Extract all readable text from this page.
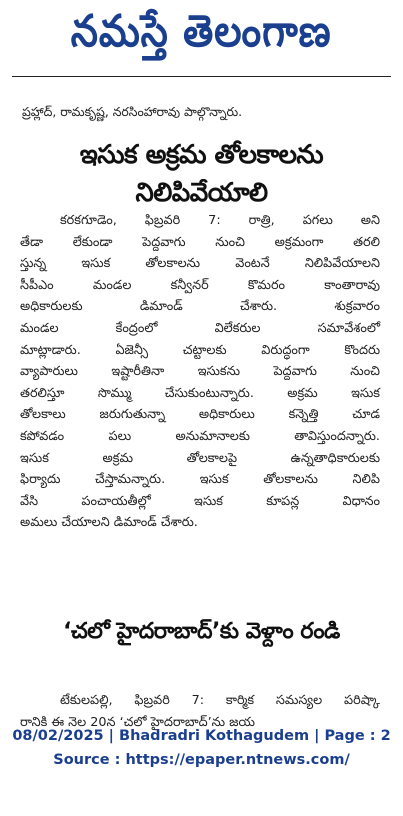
నమస్తే తెలంగాణ
ప్రహ్లాద్, రామకృష్ణ, నరసింహారావు పాల్గొన్నారు.
ఇసుక అక్రమ తోలకాలను
నిలిపివేయాలి

కరకగూడెం, ఫిబ్రవరి 7: రాత్రి, పగలు అని

తేడా లేకుండా పెద్దవాగు నుంచి అక్రమంగా తరలి

స్తున్న ఇసుక తోలకాలను వెంటనే నిలిపివేయాలని

సీపీఎం మండల కన్వీనర్ కొమరం కాంతారావు

అధికారులకు డిమాండ్ చేశారు. శుక్రవారం

మండల కేంద్రంలో విలేకరుల సమావేశంలో

మాట్లాడారు. ఏజెన్సీ చట్టాలకు విరుద్ధంగా కొందరు

వ్యాపారులు ఇష్టారీతినా ఇసుకను పెద్దవాగు నుంచి

తరలిస్తూ సొమ్ము చేసుకుంటున్నారు. అక్రమ ఇసుక

తోలకాలు జరుగుతున్నా అధికారులు కన్నెత్తి చూడ

కపోవడం పలు అనుమానాలకు తావిస్తుందన్నారు.

ఇసుక అక్రమ తోలకాలపై ఉన్నతాధికారులకు

ఫిర్యాదు చేస్తామన్నారు. ఇసుక తోలకాలను నిలిపి

వేసి పంచాయతీల్లో ఇసుక కూపన్ల విధానం

అమలు చేయాలని డిమాండ్ చేశారు.

‘చలో హైదరాబాద్’కు వెళ్దాం రండి

టేకులపల్లి, ఫిబ్రవరి 7: కార్మిక సమస్యల పరిష్కా

రానికి ఈ నెల 20న ‘చలో హైదరాబాద్’ను జయ

08/02/2025 | Bhadradri Kothagudem | Page : 2
Source : https://epaper.ntnews.com/
